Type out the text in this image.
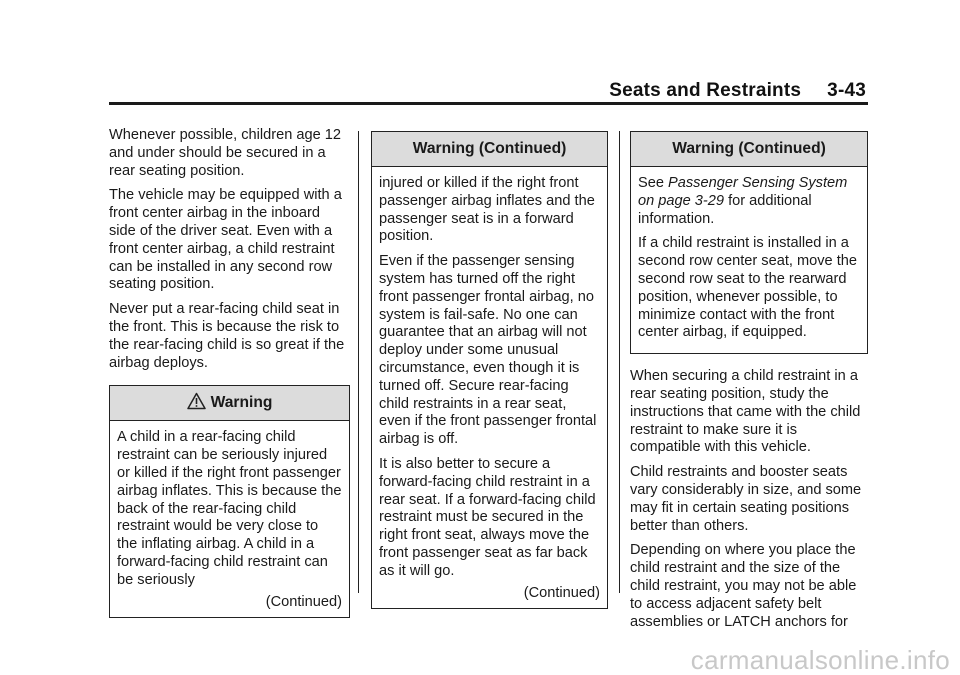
Seats and Restraints 3-43

Whenever possible, children age 12 and under should be secured in a rear seating position.

The vehicle may be equipped with a front center airbag in the inboard side of the driver seat. Even with a front center airbag, a child restraint can be installed in any second row seating position.

Never put a rear-facing child seat in the front. This is because the risk to the rear-facing child is so great if the airbag deploys.

Warning

A child in a rear-facing child restraint can be seriously injured or killed if the right front passenger airbag inflates. This is because the back of the rear-facing child restraint would be very close to the inflating airbag. A child in a forward-facing child restraint can be seriously

(Continued)
Warning (Continued)

injured or killed if the right front passenger airbag inflates and the passenger seat is in a forward position.

Even if the passenger sensing system has turned off the right front passenger frontal airbag, no system is fail-safe. No one can guarantee that an airbag will not deploy under some unusual circumstance, even though it is turned off. Secure rear-facing child restraints in a rear seat, even if the front passenger frontal airbag is off.

It is also better to secure a forward-facing child restraint in a rear seat. If a forward-facing child restraint must be secured in the right front seat, always move the front passenger seat as far back as it will go.

(Continued)
Warning (Continued)

See Passenger Sensing System on page 3-29 for additional information.

If a child restraint is installed in a second row center seat, move the second row seat to the rearward position, whenever possible, to minimize contact with the front center airbag, if equipped.

When securing a child restraint in a rear seating position, study the instructions that came with the child restraint to make sure it is compatible with this vehicle.

Child restraints and booster seats vary considerably in size, and some may fit in certain seating positions better than others.

Depending on where you place the child restraint and the size of the child restraint, you may not be able to access adjacent safety belt assemblies or LATCH anchors for

carmanualsonline.info
